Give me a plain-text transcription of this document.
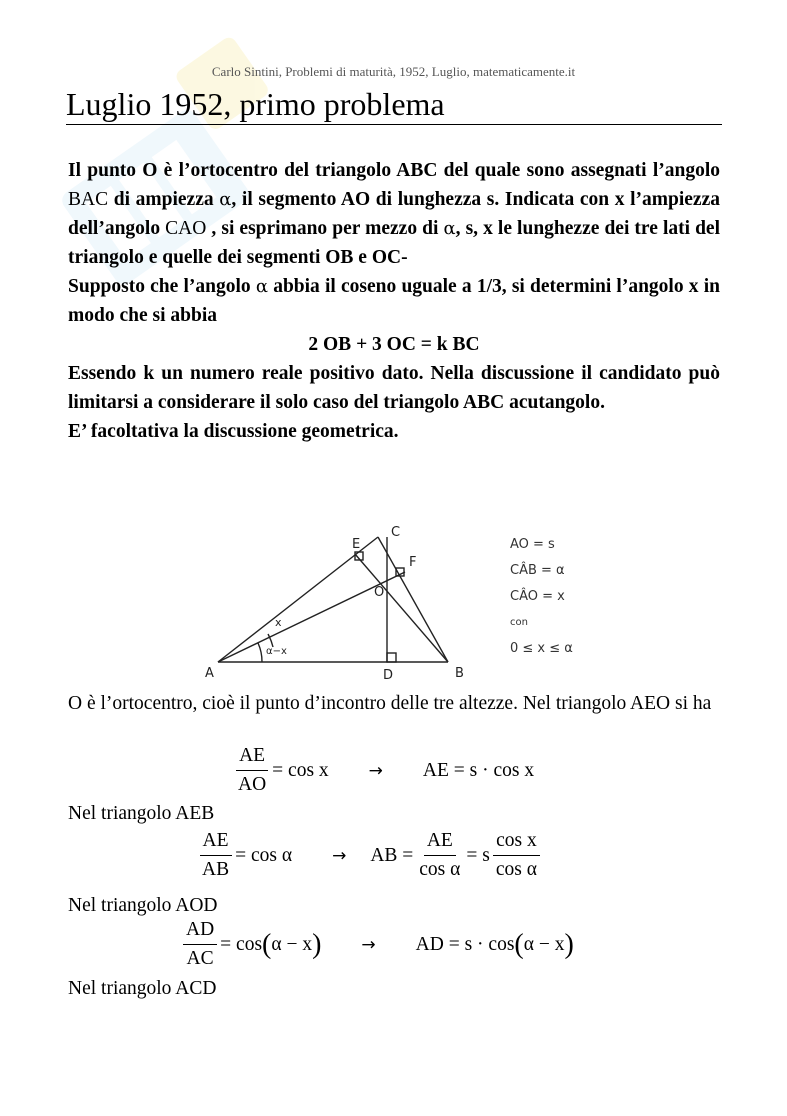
Carlo Sintini, Problemi di maturità, 1952, Luglio, matematicamente.it
Luglio 1952, primo problema

Il punto O è l’ortocentro del triangolo ABC del quale sono assegnati l’angolo BAC di ampiezza α, il segmento AO di lunghezza s. Indicata con x l’ampiezza dell’angolo CAO , si esprimano per mezzo di α, s, x le lunghezze dei tre lati del triangolo e quelle dei segmenti OB e OC-

Supposto che l’angolo α abbia il coseno uguale a 1/3, si determini l’angolo x in modo che si abbia

2 OB + 3 OC = k BC

Essendo k un numero reale positivo dato. Nella discussione il candidato può limitarsi a considerare il solo caso del triangolo ABC acutangolo.

E’ facoltativa la discussione geometrica.

A	B
C
D
E
F
O
x
α−x
AO = s
CÂB = α
CÂO = x
con
0 ≤ x ≤ α
O è l’ortocentro, cioè il punto d’incontro delle tre altezze. Nel triangolo AEO si ha
$\frac{AE}{AO} = \cos x$ → AE = s · cos x
Nel triangolo AEB
$\frac{AE}{AB} = \cos \alpha$ → AB = $\frac{AE}{\text{cos α}} = s \frac{\text{cos x}}{\text{cos α}}$
Nel triangolo AOD
$\frac{AD}{AC} = \cos$ ( α − x ) → AD = s · cos ( α − x )
Nel triangolo ACD
